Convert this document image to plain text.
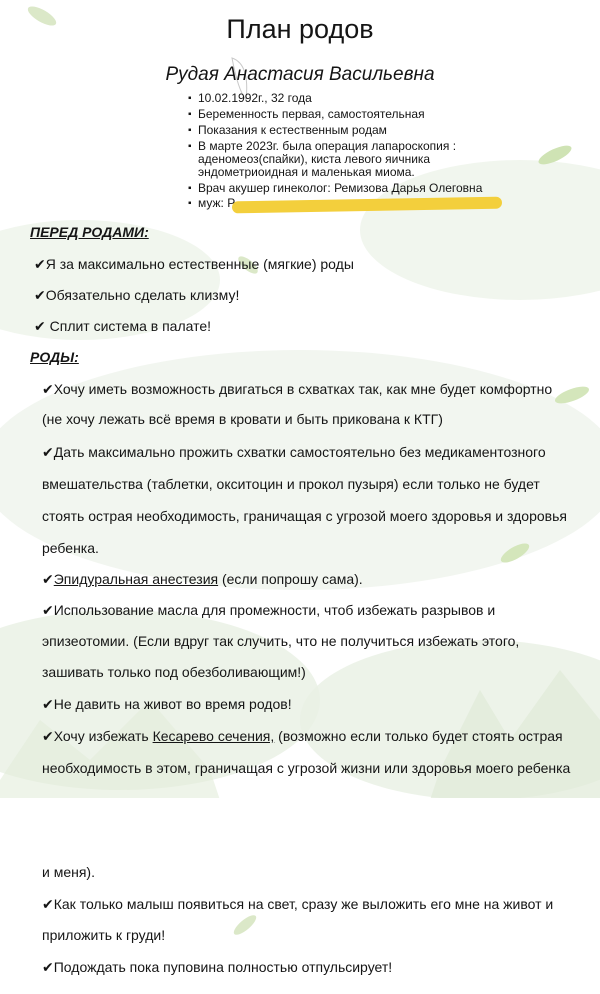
План родов
Рудая Анастасия Васильевна
▪ 10.02.1992г., 32 года
▪ Беременность первая, самостоятельная
▪ Показания к естественным родам
▪ В марте 2023г. была операция лапароскопия : аденомеоз(спайки), киста левого яичника эндометриоидная и маленькая миома.
▪ Врач акушер гинеколог: Ремизова Дарья Олеговна
▪ муж: Р
ПЕРЕД РОДАМИ:
✔Я за максимально естественные (мягкие) роды
✔Обязательно сделать клизму!
✔ Сплит система в палате!
РОДЫ:
✔Хочу иметь возможность двигаться в схватках так, как мне будет комфортно
(не хочу лежать всё время в кровати и быть прикована к КТГ)
✔Дать максимально прожить схватки самостоятельно без медикаментозного
вмешательства (таблетки, окситоцин и прокол пузыря) если только не будет
стоять острая необходимость, граничащая с угрозой моего здоровья и здоровья
ребенка.
✔Эпидуральная анестезия (если попрошу сама).
✔Использование масла для промежности, чтоб избежать разрывов и
эпизеотомии. (Если вдруг так случить, что не получиться избежать этого,
зашивать только под обезболивающим!)
✔Не давить на живот во время родов!
✔Хочу избежать Кесарево сечения, (возможно если только будет стоять острая
необходимость в этом, граничащая с угрозой жизни или здоровья моего ребенка
и меня).
✔Как только малыш появиться на свет, сразу же выложить его мне на живот и
приложить к груди!
✔Подождать пока пуповина полностью отпульсирует!
